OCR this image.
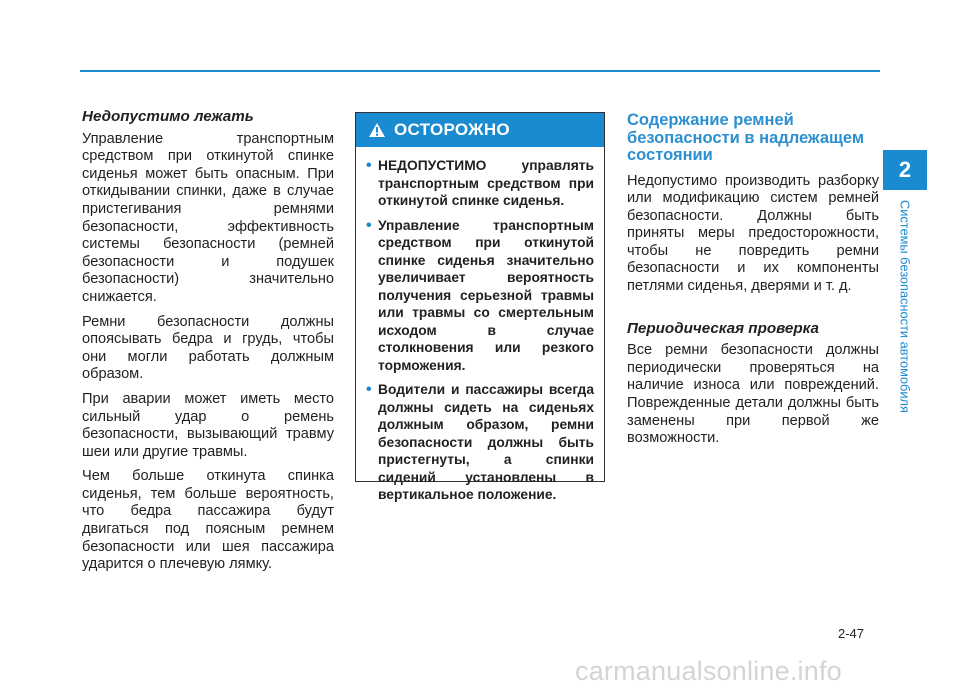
Недопустимо лежать

Управление транспортным средством при откинутой спинке сиденья может быть опасным. При откидывании спинки, даже в случае пристегивания ремнями безопасности, эффективность системы безопасности (ремней безопасности и подушек безопасности) значительно снижается.

Ремни безопасности должны опоясывать бедра и грудь, чтобы они могли работать должным образом.

При аварии может иметь место сильный удар о ремень безопасности, вызывающий травму шеи или другие травмы.

Чем больше откинута спинка сиденья, тем больше вероятность, что бедра пассажира будут двигаться под поясным ремнем безопасности или шея пассажира ударится о плечевую лямку.

ОСТОРОЖНО
• НЕДОПУСТИМО управлять транспортным средством при откинутой спинке сиденья.
• Управление транспортным средством при откинутой спинке сиденья значительно увеличивает вероятность получения серьезной травмы или травмы со смертельным исходом в случае столкновения или резкого торможения.
• Водители и пассажиры всегда должны сидеть на сиденьях должным образом, ремни безопасности должны быть пристегнуты, а спинки сидений установлены в вертикальное положение.
Содержание ремней безопасности в надлежащем состоянии

Недопустимо производить разборку или модификацию систем ремней безопасности. Должны быть приняты меры предосторожности, чтобы не повредить ремни безопасности и их компоненты петлями сиденья, дверями и т. д.

Периодическая проверка

Все ремни безопасности должны периодически проверяться на наличие износа или повреждений. Поврежденные детали должны быть заменены при первой же возможности.

2
Системы безопасности автомобиля
2-47
carmanualsonline.info
